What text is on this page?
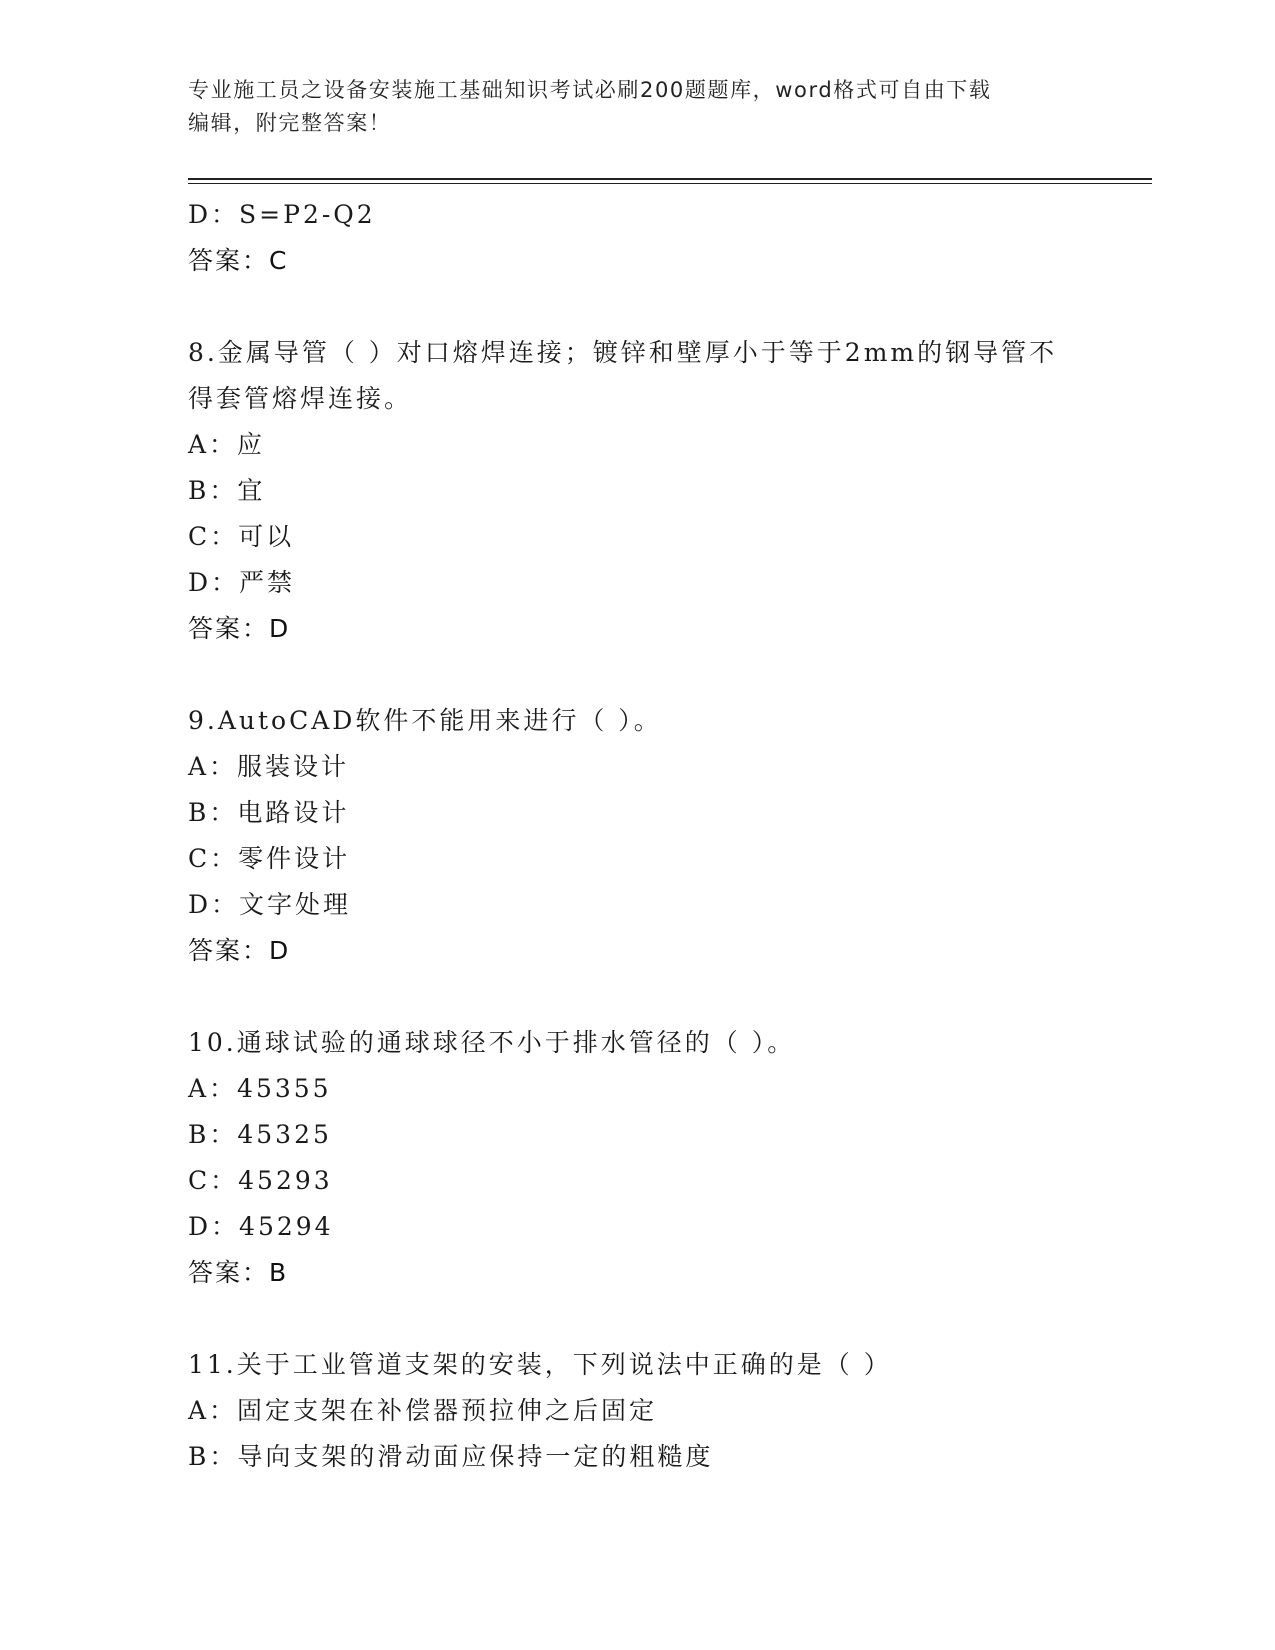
专业施工员之设备安装施工基础知识考试必刷200题题库，word格式可自由下载
编辑，附完整答案！
D：S=P2-Q2
答案：C
8.金属导管（ ）对口熔焊连接；镀锌和壁厚小于等于2mm的钢导管不
得套管熔焊连接。
A：应
B：宜
C：可以
D：严禁
答案：D
9.AutoCAD软件不能用来进行（ ）。
A：服装设计
B：电路设计
C：零件设计
D：文字处理
答案：D
10.通球试验的通球球径不小于排水管径的（ ）。
A：45355
B：45325
C：45293
D：45294
答案：B
11.关于工业管道支架的安装，下列说法中正确的是（ ）
A：固定支架在补偿器预拉伸之后固定
B：导向支架的滑动面应保持一定的粗糙度
